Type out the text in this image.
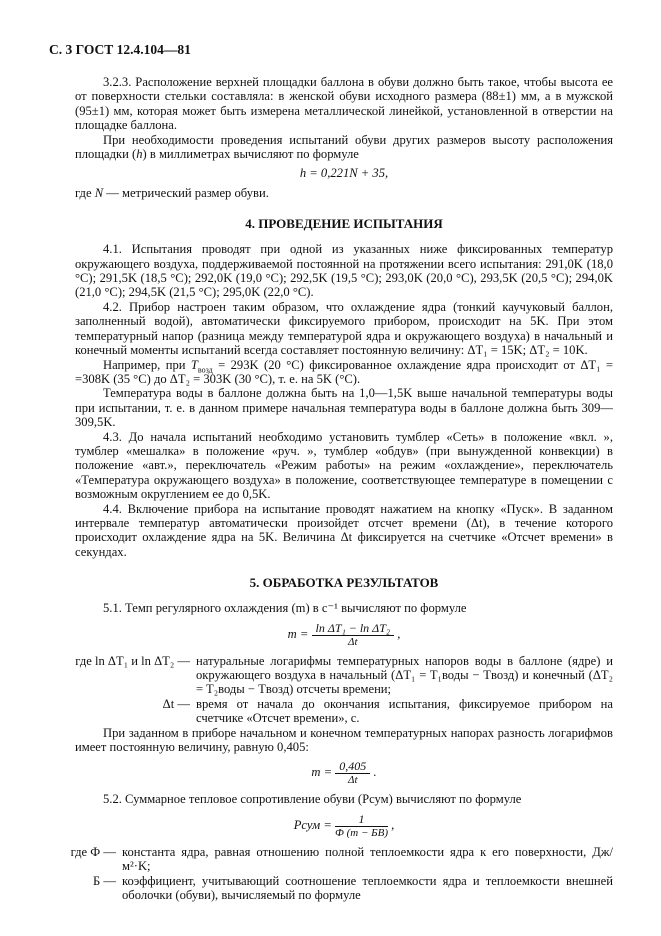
С. 3 ГОСТ 12.4.104—81

3.2.3. Расположение верхней площадки баллона в обуви должно быть такое, чтобы высота ее от поверхности стельки составляла: в женской обуви исходного размера (88±1) мм, а в мужской (95±1) мм, которая может быть измерена металлической линейкой, установленной в отверстии на площадке баллона.

При необходимости проведения испытаний обуви других размеров высоту расположения площадки (h) в миллиметрах вычисляют по формуле

h = 0,221N + 35,

где N — метрический размер обуви.

4. ПРОВЕДЕНИЕ ИСПЫТАНИЯ

4.1. Испытания проводят при одной из указанных ниже фиксированных температур окружающего воздуха, поддерживаемой постоянной на протяжении всего испытания: 291,0K (18,0 °C); 291,5K (18,5 °C); 292,0K (19,0 °C); 292,5K (19,5 °C); 293,0K (20,0 °C), 293,5K (20,5 °C); 294,0K (21,0 °C); 294,5K (21,5 °C); 295,0K (22,0 °C).

4.2. Прибор настроен таким образом, что охлаждение ядра (тонкий каучуковый баллон, заполненный водой), автоматически фиксируемого прибором, происходит на 5K. При этом температурный напор (разница между температурой ядра и окружающего воздуха) в начальный и конечный моменты испытаний всегда составляет постоянную величину: ΔT₁ = 15K; ΔT₂ = 10K.

Например, при $T_{возд} = 293K$ (20 °C) фиксированное охлаждение ядра происходит от ΔT₁ = =308K (35 °C) до ΔT₂ = 303K (30 °C), т. е. на 5K (°C).

Температура воды в баллоне должна быть на 1,0—1,5K выше начальной температуры воды при испытании, т. е. в данном примере начальная температура воды в баллоне должна быть 309—309,5K.

4.3. До начала испытаний необходимо установить тумблер «Сеть» в положение «вкл. », тумблер «мешалка» в положение «руч. », тумблер «обдув» (при вынужденной конвекции) в положение «авт.», переключатель «Режим работы» на режим «охлаждение», переключатель «Температура окружающего воздуха» в положение, соответствующее температуре в помещении с возможным округлением ее до 0,5K.

4.4. Включение прибора на испытание проводят нажатием на кнопку «Пуск». В заданном интервале температур автоматически произойдет отсчет времени (Δt), в течение которого происходит охлаждение ядра на 5K. Величина Δt фиксируется на счетчике «Отсчет времени» в секундах.

5. ОБРАБОТКА РЕЗУЛЬТАТОВ

5.1. Темп регулярного охлаждения (m) в с⁻¹ вычисляют по формуле

$m = \frac{\text{ln ΔT₁ − ln ΔT₂}}{\Delta t}$ ,
где ln ΔT₁ и ln ΔT₂ — натуральные логарифмы температурных напоров воды в баллоне (ядре) и окружающего воздуха в начальный (ΔT₁ = T₁воды − Tвозд) и конечный (ΔT₂ = T₂воды − Tвозд) отсчеты времени;
Δt — время от начала до окончания испытания, фиксируемое прибором на счетчике «Отсчет времени», с.

При заданном в приборе начальном и конечном температурных напорах разность логарифмов имеет постоянную величину, равную 0,405:

$m = \frac{0,405}{\Delta t}$ .

5.2. Суммарное тепловое сопротивление обуви (Pсум) вычисляют по формуле

Pсум = $\frac{1}{Ф (m - БВ)}$ ,
где Ф — константа ядра, равная отношению полной теплоемкости ядра к его поверхности, Дж/м²·K;
Б — коэффициент, учитывающий соотношение теплоемкости ядра и теплоемкости внешней оболочки (обуви), вычисляемый по формуле
